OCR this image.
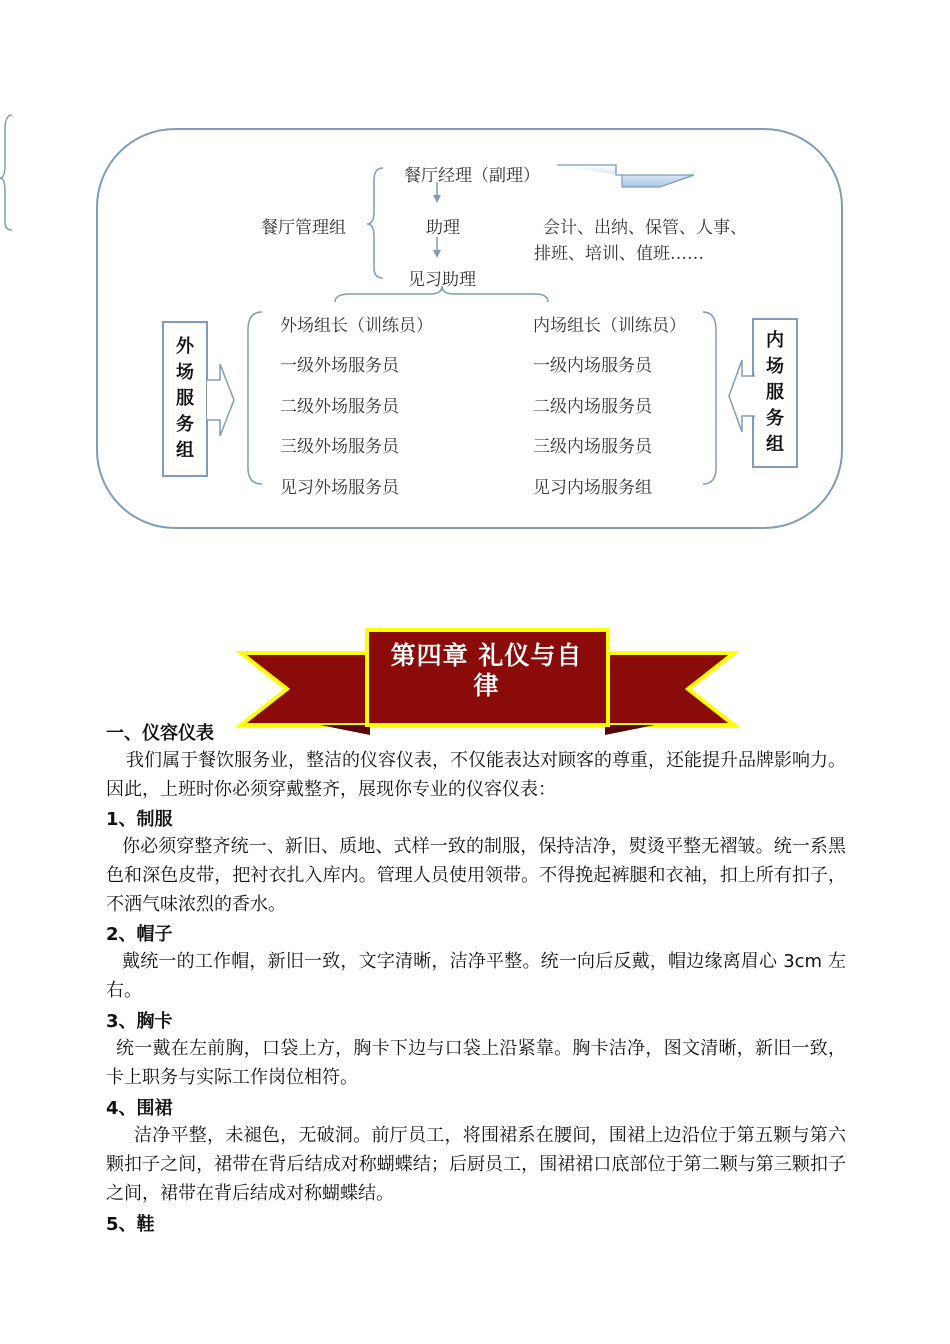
餐厅经理（副理）
餐厅管理组	助理	会计、出纳、保管、人事、
排班、培训、值班……
见习助理
外场服务组
内场服务组
外场组长（训练员）
一级外场服务员
二级外场服务员
三级外场服务员
见习外场服务员
内场组长（训练员）
一级内场服务员
二级内场服务员
三级内场服务员
见习内场服务组
第四章 礼仪与自
律
一、仪容仪表

我们属于餐饮服务业，整洁的仪容仪表，不仅能表达对顾客的尊重，还能提升品牌影响力。因此，上班时你必须穿戴整齐，展现你专业的仪容仪表：

1、制服

你必须穿整齐统一、新旧、质地、式样一致的制服，保持洁净，熨烫平整无褶皱。统一系黑色和深色皮带，把衬衣扎入库内。管理人员使用领带。不得挽起裤腿和衣袖，扣上所有扣子，不洒气味浓烈的香水。

2、帽子

戴统一的工作帽，新旧一致，文字清晰，洁净平整。统一向后反戴，帽边缘离眉心 3cm 左右。

3、胸卡

统一戴在左前胸，口袋上方，胸卡下边与口袋上沿紧靠。胸卡洁净，图文清晰，新旧一致，卡上职务与实际工作岗位相符。

4、围裙

洁净平整，未褪色，无破洞。前厅员工，将围裙系在腰间，围裙上边沿位于第五颗与第六颗扣子之间，裙带在背后结成对称蝴蝶结；后厨员工，围裙裙口底部位于第二颗与第三颗扣子之间，裙带在背后结成对称蝴蝶结。

5、鞋
